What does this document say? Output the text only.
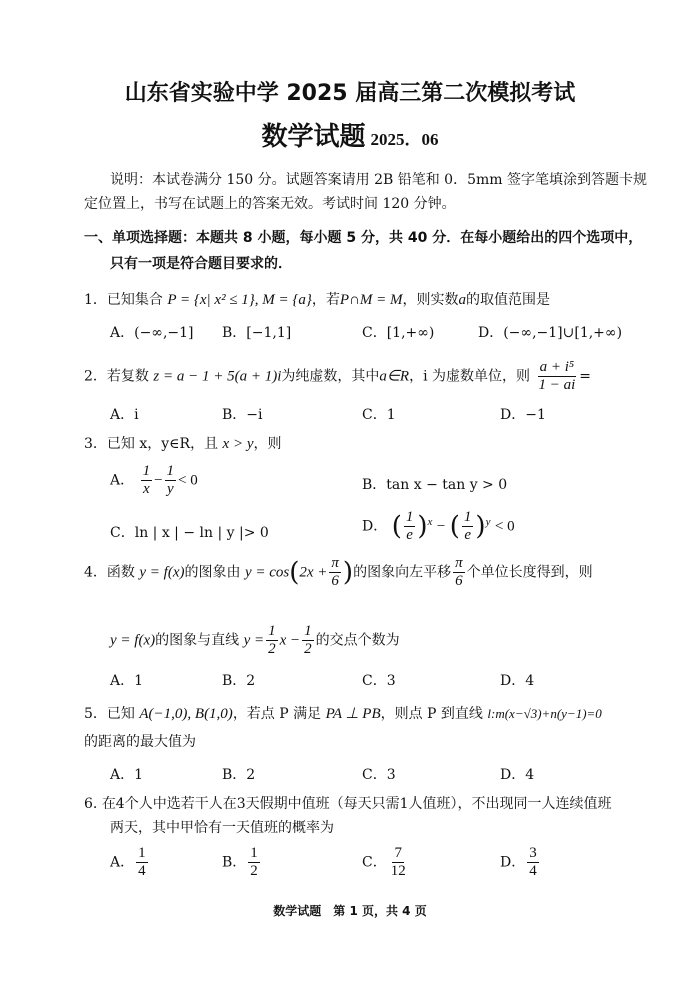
山东省实验中学 2025 届高三第二次模拟考试
数学试题 2025．06
说明：本试卷满分 150 分。试题答案请用 2B 铅笔和 0．5mm 签字笔填涂到答题卡规
定位置上，书写在试题上的答案无效。考试时间 120 分钟。
一、单项选择题：本题共 8 小题，每小题 5 分，共 40 分．在每小题给出的四个选项中，
只有一项是符合题目要求的．
1．已知集合 P = {x| x² ≤ 1}, M = {a}，若P∩M = M，则实数a的取值范围是
A．(−∞,−1] B．[−1,1]	C．[1,+∞)	D．(−∞,−1]∪[1,+∞)
2．若复数 z = a − 1 + 5(a + 1)i为纯虚数，其中a∈R，i 为虚数单位，则 $\frac{\text{a + i⁵}}{1 - ai}$ =
A．i	B．−i	C．1	D．−1
3．已知 x，y∈R，且 x > y，则
A． $\frac{1}{x} - \frac{1}{y} < 0$	B．tan x − tan y > 0
C．ln | x | − ln | y |> 0	D． ( $\frac{1}{e} )^x$ − ( $\frac{1}{e} )^y < 0$
4．函数 y = f(x)的图象由 $y = \cos(2x + \frac{\pi}{6}$ )的图象向左平移 $\frac{\pi}{6}$ 个单位长度得到，则
y = f(x)的图象与直线 $y = \frac{1}{2}$ $x - \frac{1}{2}$ 的交点个数为
A．1	B．2	C．3	D．4
5．已知 A(−1,0), B(1,0)，若点 P 满足 PA ⊥ PB，则点 P 到直线 l:m(x−√3)+n(y−1)=0
的距离的最大值为
A．1	B．2	C．3	D．4
6. 在4个人中选若干人在3天假期中值班（每天只需1人值班），不出现同一人连续值班
两天，其中甲恰有一天值班的概率为
A． $\frac{1}{4}$	B． $\frac{1}{2}$	C． $\frac{7}{12}$	D． $\frac{3}{4}$
数学试题　第 1 页，共 4 页
